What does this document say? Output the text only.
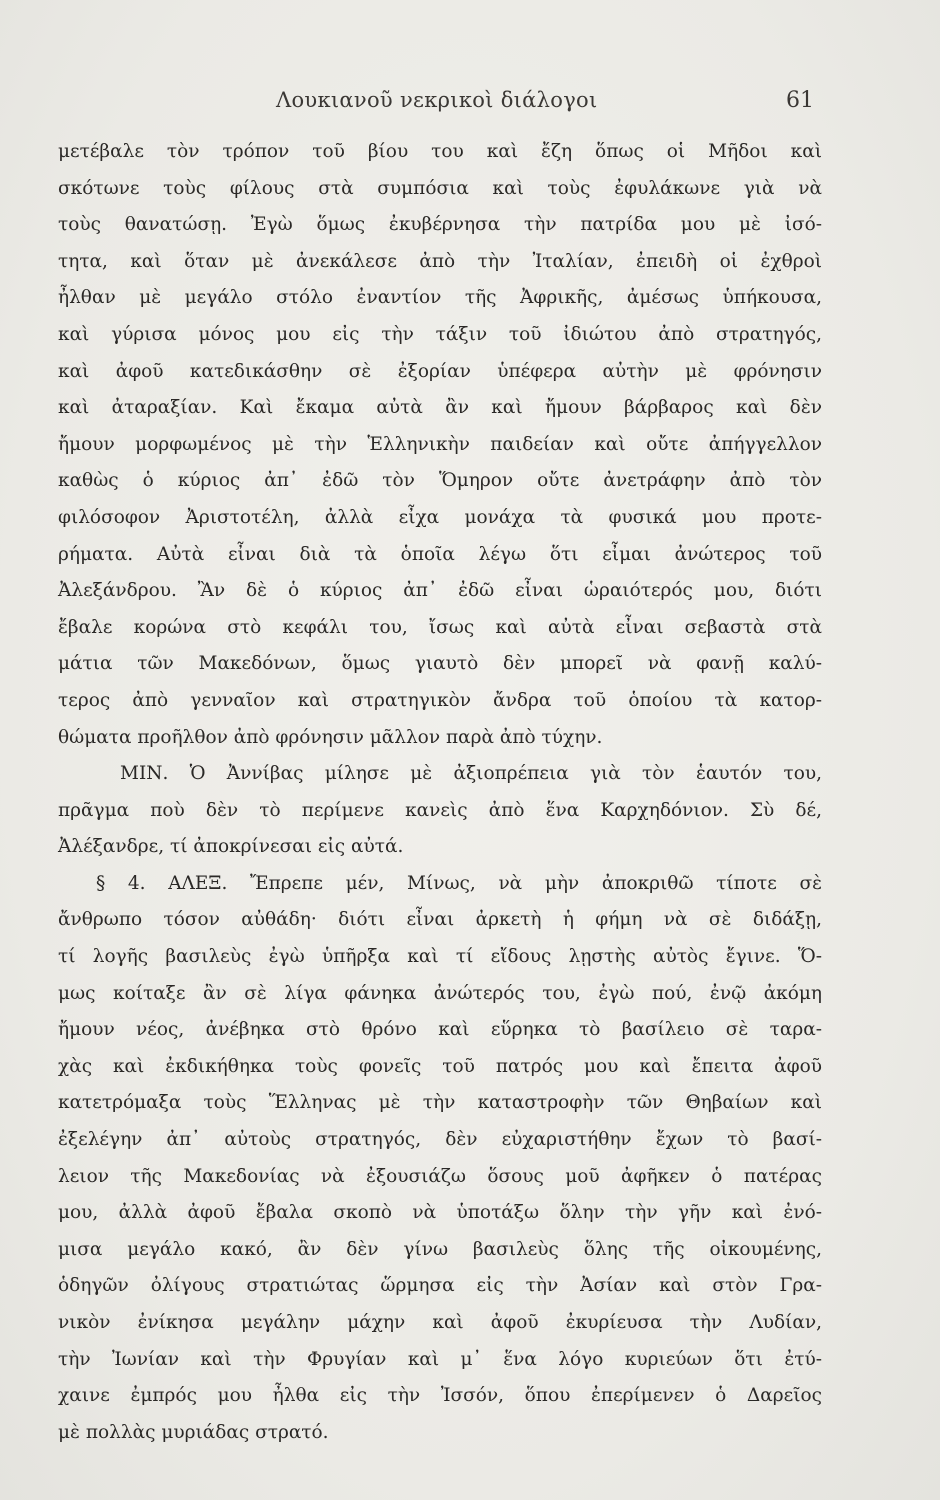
Λουκιανοῦ νεκρικοὶ διάλογοι	61
μετέβαλε τὸν τρόπον τοῦ βίου του καὶ ἔζη ὅπως οἱ Μῆδοι καὶ
σκότωνε τοὺς φίλους στὰ συμπόσια καὶ τοὺς ἐφυλάκωνε γιὰ νὰ
τοὺς θανατώσῃ. Ἐγὼ ὅμως ἐκυβέρνησα τὴν πατρίδα μου μὲ ἰσό-
τητα, καὶ ὅταν μὲ ἀνεκάλεσε ἀπὸ τὴν Ἰταλίαν, ἐπειδὴ οἱ ἐχθροὶ
ἦλθαν μὲ μεγάλο στόλο ἐναντίον τῆς Ἀφρικῆς, ἀμέσως ὑπήκουσα,
καὶ γύρισα μόνος μου εἰς τὴν τάξιν τοῦ ἰδιώτου ἀπὸ στρατηγός,
καὶ ἀφοῦ κατεδικάσθην σὲ ἐξορίαν ὑπέφερα αὐτὴν μὲ φρόνησιν
καὶ ἀταραξίαν. Καὶ ἔκαμα αὐτὰ ἂν καὶ ἤμουν βάρβαρος καὶ δὲν
ἤμουν μορφωμένος μὲ τὴν Ἑλληνικὴν παιδείαν καὶ οὔτε ἀπήγγελλον
καθὼς ὁ κύριος ἀπ᾽ ἐδῶ τὸν Ὅμηρον οὔτε ἀνετράφην ἀπὸ τὸν
φιλόσοφον Ἀριστοτέλη, ἀλλὰ εἶχα μονάχα τὰ φυσικά μου προτε-
ρήματα. Αὐτὰ εἶναι διὰ τὰ ὁποῖα λέγω ὅτι εἶμαι ἀνώτερος τοῦ
Ἀλεξάνδρου. Ἂν δὲ ὁ κύριος ἀπ᾽ ἐδῶ εἶναι ὡραιότερός μου, διότι
ἔβαλε κορώνα στὸ κεφάλι του, ἴσως καὶ αὐτὰ εἶναι σεβαστὰ στὰ
μάτια τῶν Μακεδόνων, ὅμως γιαυτὸ δὲν μπορεῖ νὰ φανῇ καλύ-
τερος ἀπὸ γενναῖον καὶ στρατηγικὸν ἄνδρα τοῦ ὁποίου τὰ κατορ-
θώματα προῆλθον ἀπὸ φρόνησιν μᾶλλον παρὰ ἀπὸ τύχην.
ΜΙΝ. Ὁ Ἀννίβας μίλησε μὲ ἀξιοπρέπεια γιὰ τὸν ἑαυτόν του,
πρᾶγμα ποὺ δὲν τὸ περίμενε κανεὶς ἀπὸ ἕνα Καρχηδόνιον. Σὺ δέ,
Ἀλέξανδρε, τί ἀποκρίνεσαι εἰς αὐτά.
§ 4. ΑΛΕΞ. Ἔπρεπε μέν, Μίνως, νὰ μὴν ἀποκριθῶ τίποτε σὲ
ἄνθρωπο τόσον αὐθάδη· διότι εἶναι ἀρκετὴ ἡ φήμη νὰ σὲ διδάξῃ,
τί λογῆς βασιλεὺς ἐγὼ ὑπῆρξα καὶ τί εἴδους λῃστὴς αὐτὸς ἔγινε. Ὅ-
μως κοίταξε ἂν σὲ λίγα φάνηκα ἀνώτερός του, ἐγὼ πού, ἐνῷ ἀκόμη
ἤμουν νέος, ἀνέβηκα στὸ θρόνο καὶ εὕρηκα τὸ βασίλειο σὲ ταρα-
χὰς καὶ ἐκδικήθηκα τοὺς φονεῖς τοῦ πατρός μου καὶ ἔπειτα ἀφοῦ
κατετρόμαξα τοὺς Ἕλληνας μὲ τὴν καταστροφὴν τῶν Θηβαίων καὶ
ἐξελέγην ἀπ᾽ αὐτοὺς στρατηγός, δὲν εὐχαριστήθην ἔχων τὸ βασί-
λειον τῆς Μακεδονίας νὰ ἐξουσιάζω ὅσους μοῦ ἀφῆκεν ὁ πατέρας
μου, ἀλλὰ ἀφοῦ ἔβαλα σκοπὸ νὰ ὑποτάξω ὅλην τὴν γῆν καὶ ἐνό-
μισα μεγάλο κακό, ἂν δὲν γίνω βασιλεὺς ὅλης τῆς οἰκουμένης,
ὁδηγῶν ὀλίγους στρατιώτας ὥρμησα εἰς τὴν Ἀσίαν καὶ στὸν Γρα-
νικὸν ἐνίκησα μεγάλην μάχην καὶ ἀφοῦ ἐκυρίευσα τὴν Λυδίαν,
τὴν Ἰωνίαν καὶ τὴν Φρυγίαν καὶ μ᾽ ἕνα λόγο κυριεύων ὅτι ἐτύ-
χαινε ἐμπρός μου ἦλθα εἰς τὴν Ἰσσόν, ὅπου ἐπερίμενεν ὁ Δαρεῖος
μὲ πολλὰς μυριάδας στρατό.
